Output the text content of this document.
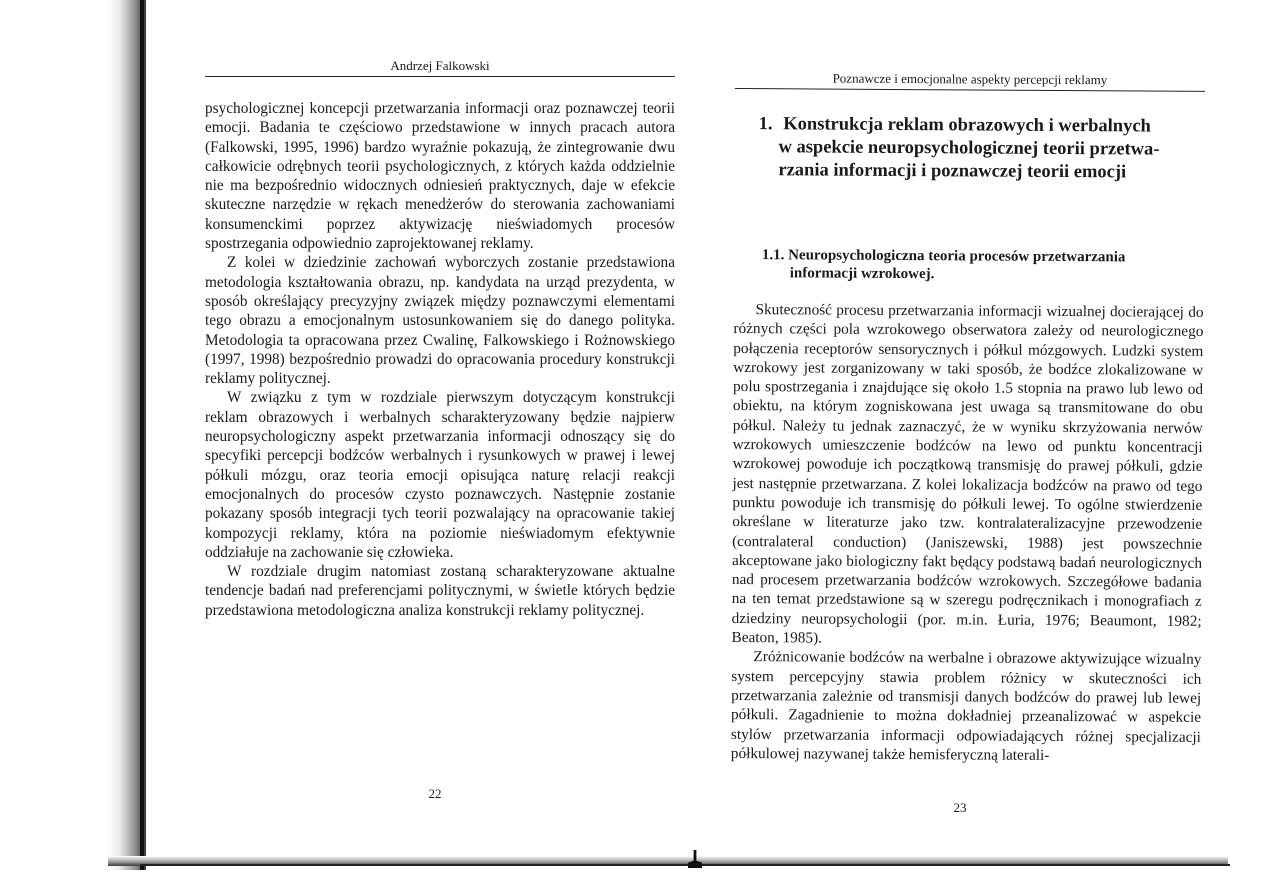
Andrzej Falkowski

psychologicznej koncepcji przetwarzania informacji oraz poznawczej teorii emocji. Badania te częściowo przedstawione w innych pracach autora (Falkowski, 1995, 1996) bardzo wyraźnie pokazują, że zintegrowanie dwu całkowicie odrębnych teorii psychologicznych, z których każda oddzielnie nie ma bezpośrednio widocznych odniesień praktycznych, daje w efekcie skuteczne narzędzie w rękach menedżerów do sterowania zachowaniami konsumenckimi poprzez aktywizację nieświadomych procesów spostrzegania odpowiednio zaprojektowanej reklamy.

Z kolei w dziedzinie zachowań wyborczych zostanie przedstawiona metodologia kształtowania obrazu, np. kandydata na urząd prezydenta, w sposób określający precyzyjny związek między poznawczymi elementami tego obrazu a emocjonalnym ustosunkowaniem się do danego polityka. Metodologia ta opracowana przez Cwalinę, Falkowskiego i Rożnowskiego (1997, 1998) bezpośrednio prowadzi do opracowania procedury konstrukcji reklamy politycznej.

W związku z tym w rozdziale pierwszym dotyczącym konstrukcji reklam obrazowych i werbalnych scharakteryzowany będzie najpierw neuropsychologiczny aspekt przetwarzania informacji odnoszący się do specyfiki percepcji bodźców werbalnych i rysunkowych w prawej i lewej półkuli mózgu, oraz teoria emocji opisująca naturę relacji reakcji emocjonalnych do procesów czysto poznawczych. Następnie zostanie pokazany sposób integracji tych teorii pozwalający na opracowanie takiej kompozycji reklamy, która na poziomie nieświadomym efektywnie oddziałuje na zachowanie się człowieka.

W rozdziale drugim natomiast zostaną scharakteryzowane aktualne tendencje badań nad preferencjami politycznymi, w świetle których będzie przedstawiona metodologiczna analiza konstrukcji reklamy politycznej.

22
Poznawcze i emocjonalne aspekty percepcji reklamy
1. Konstrukcja reklam obrazowych i werbalnych
w aspekcie neuropsychologicznej teorii przetwa-
rzania informacji i poznawczej teorii emocji
1.1. Neuropsychologiczna teoria procesów przetwarzania
informacji wzrokowej.

Skuteczność procesu przetwarzania informacji wizualnej docierającej do różnych części pola wzrokowego obserwatora zależy od neurologicznego połączenia receptorów sensorycznych i półkul mózgowych. Ludzki system wzrokowy jest zorganizowany w taki sposób, że bodźce zlokalizowane w polu spostrzegania i znajdujące się około 1.5 stopnia na prawo lub lewo od obiektu, na którym zogniskowana jest uwaga są transmitowane do obu półkul. Należy tu jednak zaznaczyć, że w wyniku skrzyżowania nerwów wzrokowych umieszczenie bodźców na lewo od punktu koncentracji wzrokowej powoduje ich początkową transmisję do prawej półkuli, gdzie jest następnie przetwarzana. Z kolei lokalizacja bodźców na prawo od tego punktu powoduje ich transmisję do półkuli lewej. To ogólne stwierdzenie określane w literaturze jako tzw. kontralateralizacyjne przewodzenie (contralateral conduction) (Janiszewski, 1988) jest powszechnie akceptowane jako biologiczny fakt będący podstawą badań neurologicznych nad procesem przetwarzania bodźców wzrokowych. Szczegółowe badania na ten temat przedstawione są w szeregu podręcznikach i monografiach z dziedziny neuropsychologii (por. m.in. Łuria, 1976; Beaumont, 1982; Beaton, 1985).

Zróżnicowanie bodźców na werbalne i obrazowe aktywizujące wizualny system percepcyjny stawia problem różnicy w skuteczności ich przetwarzania zależnie od transmisji danych bodźców do prawej lub lewej półkuli. Zagadnienie to można dokładniej przeanalizować w aspekcie stylów przetwarzania informacji odpowiadających różnej specjalizacji półkulowej nazywanej także hemisferyczną laterali-

23
